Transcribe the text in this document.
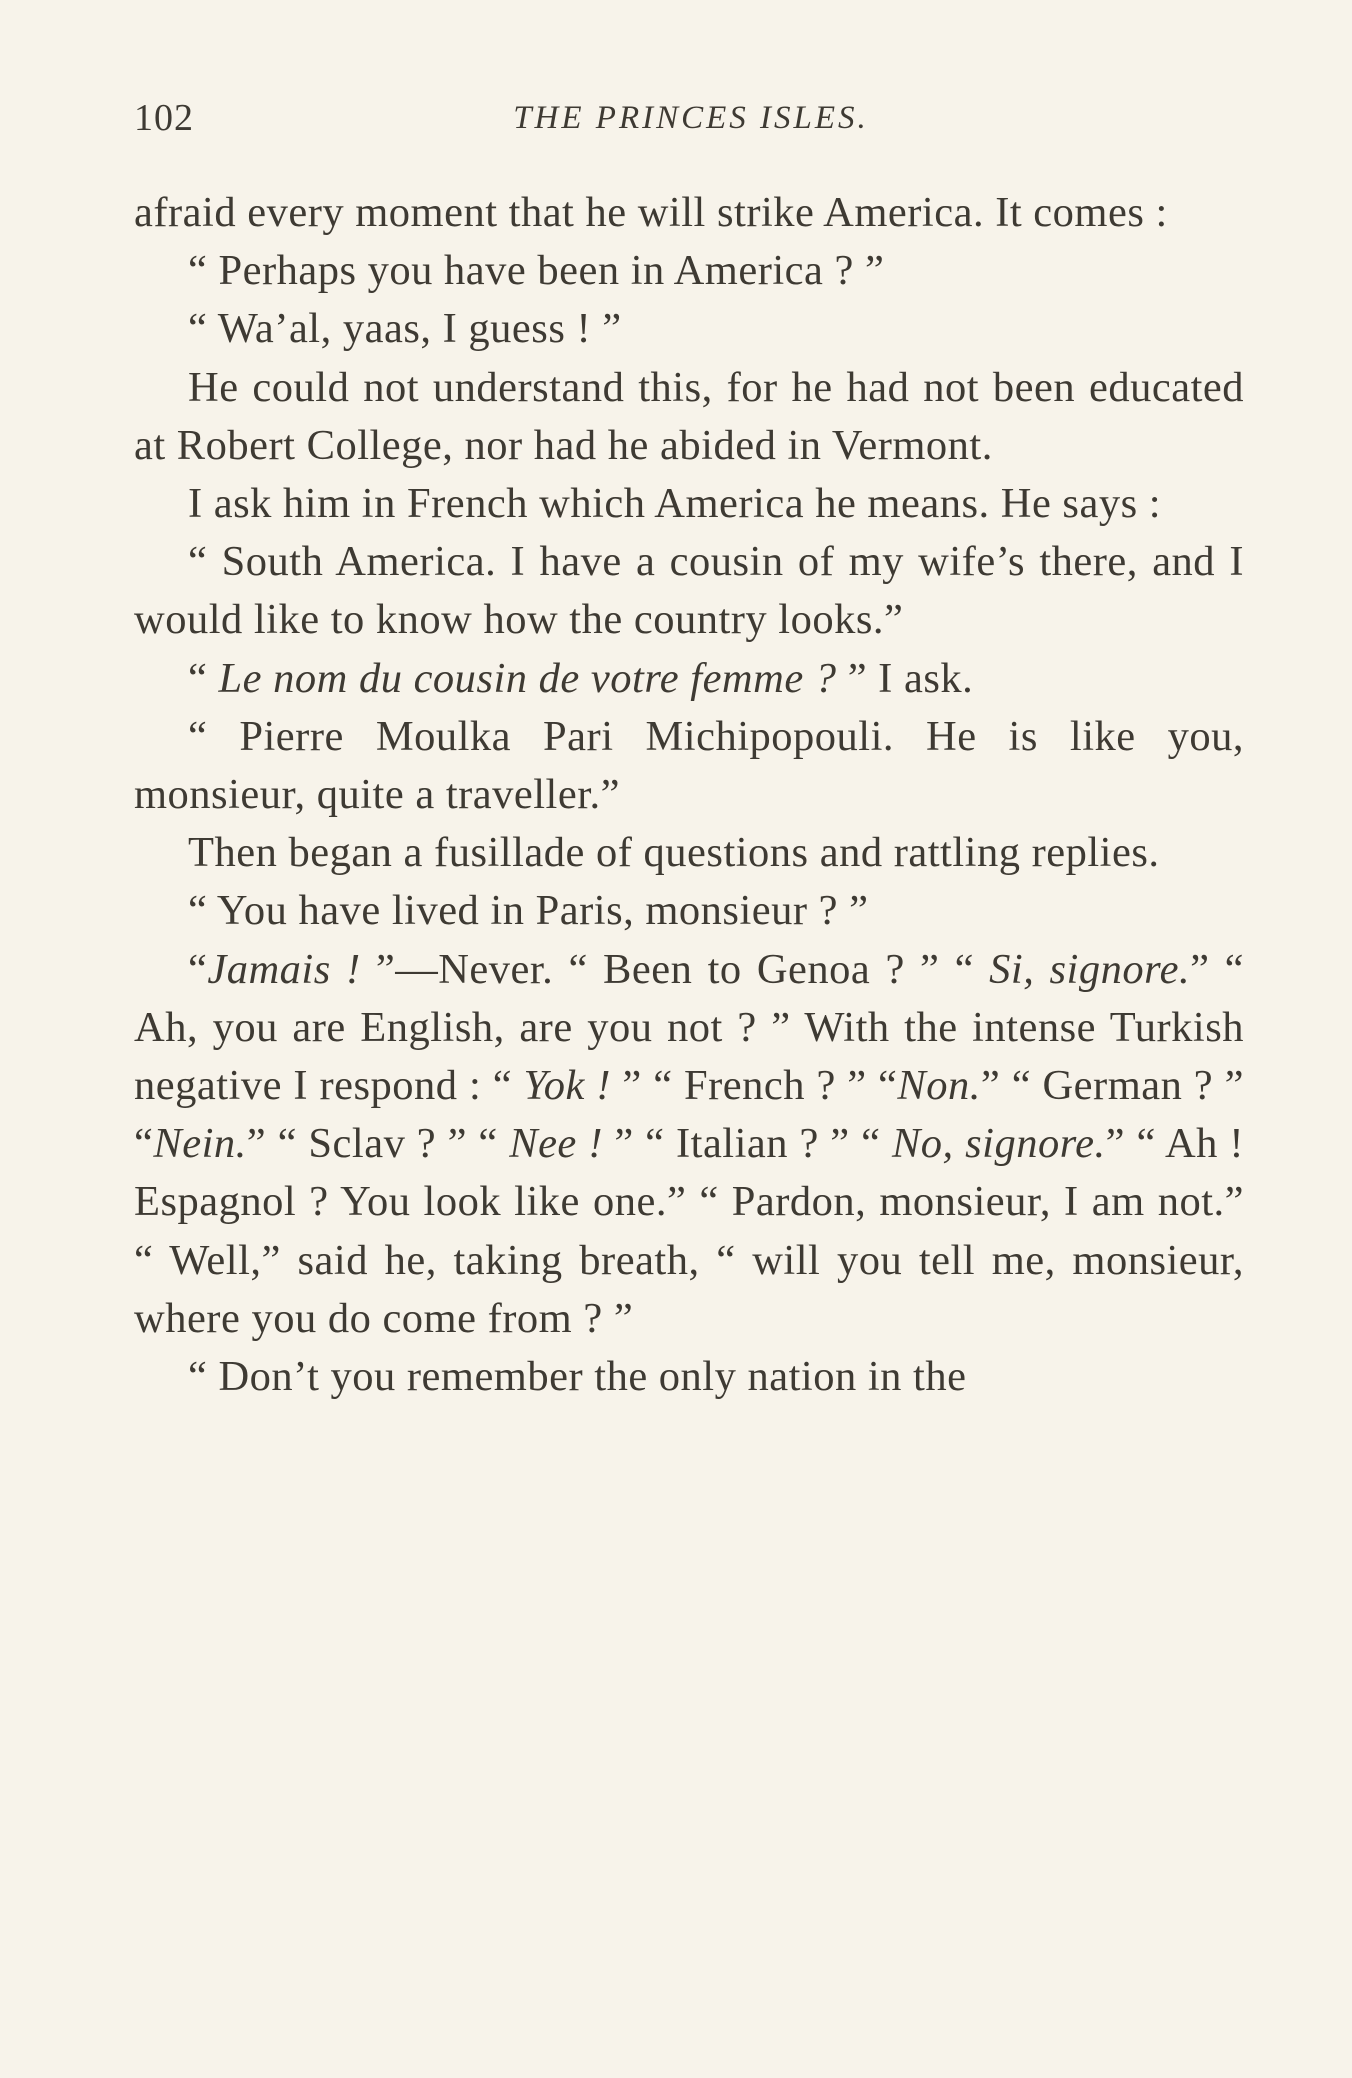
102	THE PRINCES ISLES.

afraid every moment that he will strike America. It comes :

“ Perhaps you have been in America ? ”

“ Wa’al, yaas, I guess ! ”

He could not understand this, for he had not been educated at Robert College, nor had he abided in Vermont.

I ask him in French which America he means. He says :

“ South America. I have a cousin of my wife’s there, and I would like to know how the country looks.”

“ Le nom du cousin de votre femme ? ” I ask.

“ Pierre Moulka Pari Michipopouli. He is like you, monsieur, quite a traveller.”

Then began a fusillade of questions and rattling replies.

“ You have lived in Paris, monsieur ? ”

“Jamais ! ”—Never. “ Been to Genoa ? ” “ Si, signore.” “ Ah, you are English, are you not ? ” With the intense Turkish negative I respond : “ Yok ! ” “ French ? ” “Non.” “ German ? ” “Nein.” “ Sclav ? ” “ Nee ! ” “ Italian ? ” “ No, signore.” “ Ah ! Espagnol ? You look like one.” “ Pardon, monsieur, I am not.” “ Well,” said he, taking breath, “ will you tell me, monsieur, where you do come from ? ”

“ Don’t you remember the only nation in the
